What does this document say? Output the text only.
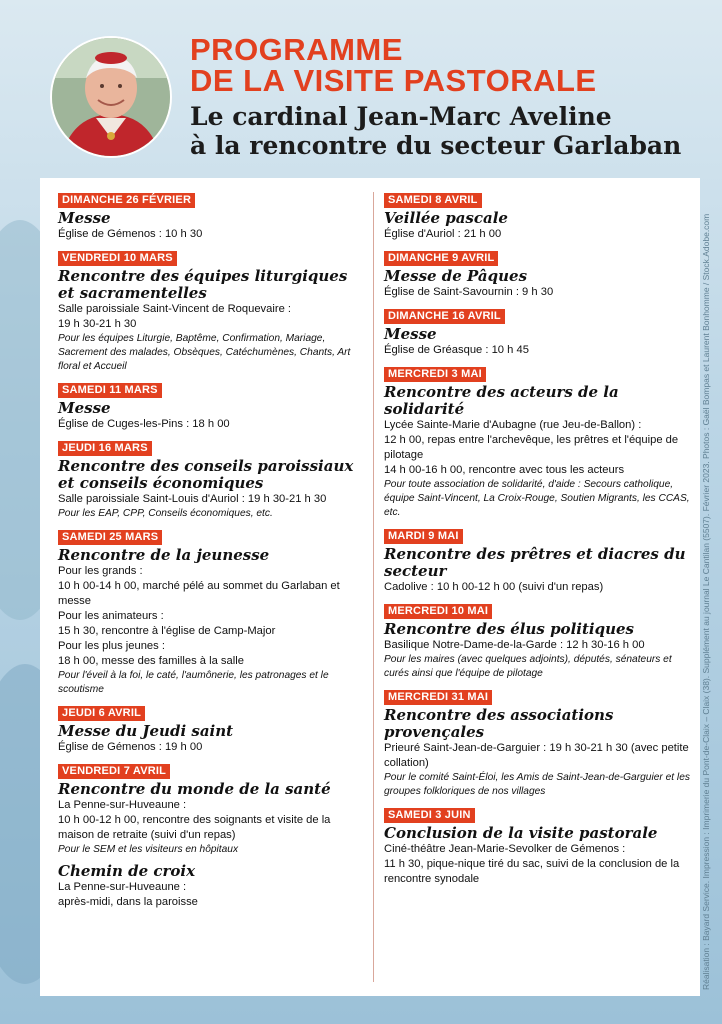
PROGRAMME
DE LA VISITE PASTORALE
Le cardinal Jean-Marc Aveline
à la rencontre du secteur Garlaban
DIMANCHE 26 FÉVRIER
Messe
Église de Gémenos : 10 h 30
VENDREDI 10 MARS
Rencontre des équipes liturgiques et sacramentelles
Salle paroissiale Saint-Vincent de Roquevaire :
19 h 30-21 h 30
Pour les équipes Liturgie, Baptême, Confirmation, Mariage, Sacrement des malades, Obsèques, Catéchumènes, Chants, Art floral et Accueil
SAMEDI 11 MARS
Messe
Église de Cuges-les-Pins : 18 h 00
JEUDI 16 MARS
Rencontre des conseils paroissiaux et conseils économiques
Salle paroissiale Saint-Louis d'Auriol : 19 h 30-21 h 30
Pour les EAP, CPP, Conseils économiques, etc.
SAMEDI 25 MARS
Rencontre de la jeunesse
Pour les grands :
10 h 00-14 h 00, marché pélé au sommet du Garlaban et messe
Pour les animateurs :
15 h 30, rencontre à l'église de Camp-Major
Pour les plus jeunes :
18 h 00, messe des familles à la salle
Pour l'éveil à la foi, le caté, l'aumônerie, les patronages et le scoutisme
JEUDI 6 AVRIL
Messe du Jeudi saint
Église de Gémenos : 19 h 00
VENDREDI 7 AVRIL
Rencontre du monde de la santé
La Penne-sur-Huveaune :
10 h 00-12 h 00, rencontre des soignants et visite de la maison de retraite (suivi d'un repas)
Pour le SEM et les visiteurs en hôpitaux
Chemin de croix
La Penne-sur-Huveaune :
après-midi, dans la paroisse
SAMEDI 8 AVRIL
Veillée pascale
Église d'Auriol : 21 h 00
DIMANCHE 9 AVRIL
Messe de Pâques
Église de Saint-Savournin : 9 h 30
DIMANCHE 16 AVRIL
Messe
Église de Gréasque : 10 h 45
MERCREDI 3 MAI
Rencontre des acteurs de la solidarité
Lycée Sainte-Marie d'Aubagne (rue Jeu-de-Ballon) :
12 h 00, repas entre l'archevêque, les prêtres et l'équipe de pilotage
14 h 00-16 h 00, rencontre avec tous les acteurs
Pour toute association de solidarité, d'aide : Secours catholique, équipe Saint-Vincent, La Croix-Rouge, Soutien Migrants, les CCAS, etc.
MARDI 9 MAI
Rencontre des prêtres et diacres du secteur
Cadolive : 10 h 00-12 h 00 (suivi d'un repas)
MERCREDI 10 MAI
Rencontre des élus politiques
Basilique Notre-Dame-de-la-Garde : 12 h 30-16 h 00
Pour les maires (avec quelques adjoints), députés, sénateurs et curés ainsi que l'équipe de pilotage
MERCREDI 31 MAI
Rencontre des associations provençales
Prieuré Saint-Jean-de-Garguier : 19 h 30-21 h 30 (avec petite collation)
Pour le comité Saint-Éloi, les Amis de Saint-Jean-de-Garguier et les groupes folkloriques de nos villages
SAMEDI 3 JUIN
Conclusion de la visite pastorale
Ciné-théâtre Jean-Marie-Sevolker de Gémenos :
11 h 30, pique-nique tiré du sac, suivi de la conclusion de la rencontre synodale	Réalisation : Bayard Service. Impression : Imprimerie du Pont-de-Claix – Claix (38). Supplément au journal Le Cantilan (5507). Février 2023. Photos : Gaël Bompas et Laurent Bonhomme / Stock.Adobe.com
